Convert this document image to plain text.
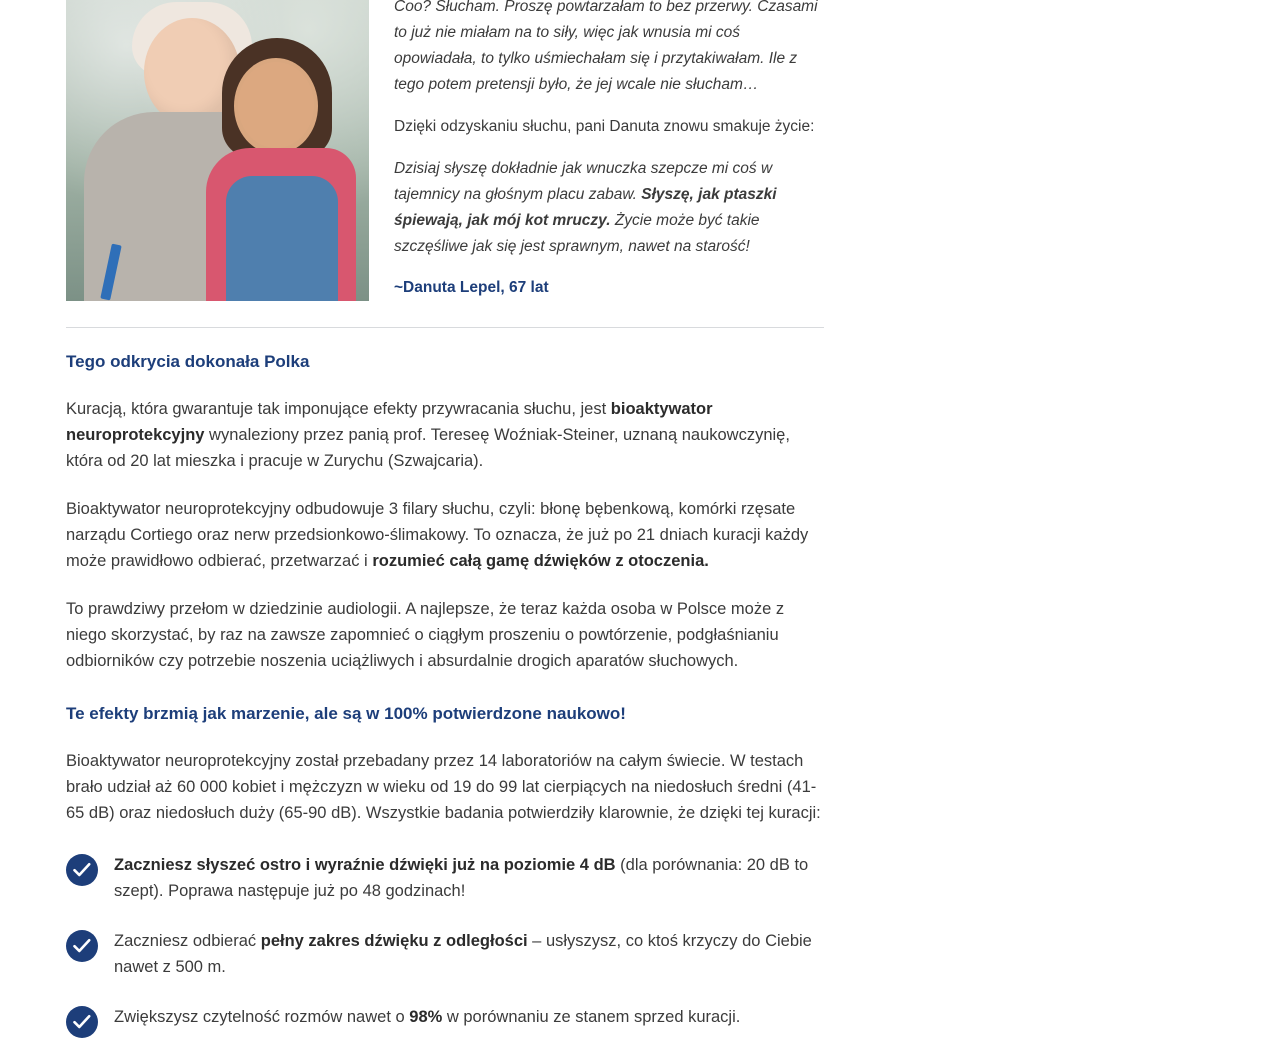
Coo? Słucham. Proszę powtarzałam to bez przerwy. Czasami to już nie miałam na to siły, więc jak wnusia mi coś opowiadała, to tylko uśmiechałam się i przytakiwałam. Ile z tego potem pretensji było, że jej wcale nie słucham…

Dzięki odzyskaniu słuchu, pani Danuta znowu smakuje życie:

Dzisiaj słyszę dokładnie jak wnuczka szepcze mi coś w tajemnicy na głośnym placu zabaw. Słyszę, jak ptaszki śpiewają, jak mój kot mruczy. Życie może być takie szczęśliwe jak się jest sprawnym, nawet na starość!

~Danuta Lepel, 67 lat

Tego odkrycia dokonała Polka

Kuracją, która gwarantuje tak imponujące efekty przywracania słuchu, jest bioaktywator neuroprotekcyjny wynaleziony przez panią prof. Tereseę Woźniak-Steiner, uznaną naukowczynię, która od 20 lat mieszka i pracuje w Zurychu (Szwajcaria).

Bioaktywator neuroprotekcyjny odbudowuje 3 filary słuchu, czyli: błonę bębenkową, komórki rzęsate narządu Cortiego oraz nerw przedsionkowo-ślimakowy. To oznacza, że już po 21 dniach kuracji każdy może prawidłowo odbierać, przetwarzać i rozumieć całą gamę dźwięków z otoczenia.

To prawdziwy przełom w dziedzinie audiologii. A najlepsze, że teraz każda osoba w Polsce może z niego skorzystać, by raz na zawsze zapomnieć o ciągłym proszeniu o powtórzenie, podgłaśnianiu odbiorników czy potrzebie noszenia uciążliwych i absurdalnie drogich aparatów słuchowych.

Te efekty brzmią jak marzenie, ale są w 100% potwierdzone naukowo!

Bioaktywator neuroprotekcyjny został przebadany przez 14 laboratoriów na całym świecie. W testach brało udział aż 60 000 kobiet i mężczyzn w wieku od 19 do 99 lat cierpiących na niedosłuch średni (41-65 dB) oraz niedosłuch duży (65-90 dB). Wszystkie badania potwierdziły klarownie, że dzięki tej kuracji:

Zaczniesz słyszeć ostro i wyraźnie dźwięki już na poziomie 4 dB (dla porównania: 20 dB to szept). Poprawa następuje już po 48 godzinach!
Zaczniesz odbierać pełny zakres dźwięku z odległości – usłyszysz, co ktoś krzyczy do Ciebie nawet z 500 m.
Zwiększysz czytelność rozmów nawet o 98% w porównaniu ze stanem sprzed kuracji.
